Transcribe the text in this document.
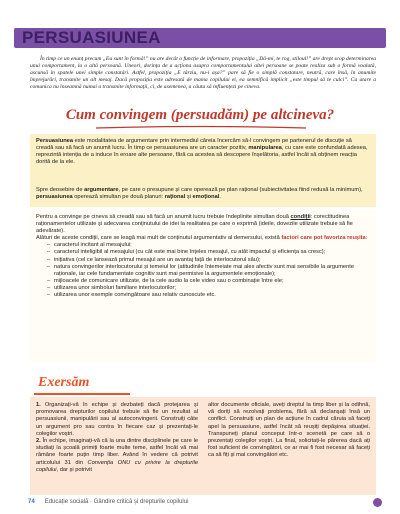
PERSUASIUNEA

În timp ce un enunț precum „Eu sunt în formă!” nu are decât o funcție de informare, propoziția „Dă-mi, te rog, stiloul!” are drept scop determinarea unui comportament, la o altă persoană. Uneori, dorința de a acționa asupra comportamentului altei persoane se poate realiza sub o formă voalată, ascunsă în spatele unei simple constatări. Astfel, propoziția „E târziu, nu-i așa?” pare să fie o simplă constatare, neutră, care însă, în anumite împrejurări, transmite un alt mesaj. Dacă propoziția este adresată de mama copilului ei, ea semnifică implicit „este timpul să te culci”. Ca atare a comunica nu înseamnă numai a transmite informații, ci, de asemenea, a căuta să influențezi pe cineva.

Cum convingem (persuadăm) pe altcineva?
Persuasiunea este modalitatea de argumentare prin intermediul căreia încercăm să-l convingem pe partenerul de discuție să creadă sau să facă un anumit lucru. În timp ce persuasiunea are un caracter pozitiv, manipularea, cu care este confundată adesea, reprezintă intenția de a induce în eroare alte persoane, fără ca acestea să descopere înșelătoria, astfel încât să obținem reacția dorită de la ele.
Spre deosebire de argumentare, pe care o presupune și care operează pe plan rațional (subiectivitatea fiind redusă la minimum), persuasiunea operează simultan pe două planuri: rațional și emoțional.

Pentru a convinge pe cineva să creadă sau să facă un anumit lucru trebuie îndeplinite simultan două condiții: corectitudinea raționamentelor utilizate și adecvarea conținutului de idei la realitatea pe care o exprimă (ideile, dovezile utilizate trebuie să fie adevărate).

Alături de aceste condiții, care se leagă mai mult de conținutul argumentativ al demersului, există factori care pot favoriza reușita:

– caracterul incitant al mesajului;
– caracterul inteligibil al mesajului (cu cât este mai bine înțeles mesajul, cu atât impactul și eficiența sa cresc);
– inițiativa (cel ce lansează primul mesajul are un avantaj față de interlocutorul său);
– natura convingerilor interlocutorului și temeiul lor (atitudinile întemeiate mai ales afectiv sunt mai sensibile la argumente raționale, iar cele fundamentate cognitiv sunt mai permisive la argumentele emoționale);
– mijloacele de comunicare utilizate, de la cele audio la cele video sau o combinație între ele;
– utilizarea unor simboluri familiare interlocutorilor;
– utilizarea unor exemple convingătoare sau relativ cunoscute etc.
Exersăm

1. Organizați-vă în echipe și dezbateți dacă protejarea și promovarea drepturilor copilului trebuie să fie un rezultat al persuasiunii, manipulării sau al autoconvingerii. Construiți câte un argument pro sau contra în fiecare caz și prezentați-le colegilor voștri.

2. În echipe, imaginați-vă că la una dintre disciplinele pe care le studiați la școală primiți foarte multe teme, astfel încât vă mai rămâne foarte puțin timp liber. Având în vedere că potrivit articolului 31 din Convenția ONU cu privire la drepturile copilului, dar și potrivit

altor documente oficiale, aveți dreptul la timp liber și la odihnă, vă doriți să rezolvați problema, fără să declanșați însă un conflict. Construiți un plan de acțiune în cadrul căruia să faceți apel la persuasiune, astfel încât să reușiți depășirea situației. Transpuneți planul conceput într-o scenetă pe care să o prezentați colegilor voștri. La final, solicitați-le părerea dacă ați fost suficient de convingători, ce ar mai fi fost necesar să faceți ca să fiți și mai convingători etc.

74 Educație socială · Gândire critică și drepturile copilului
